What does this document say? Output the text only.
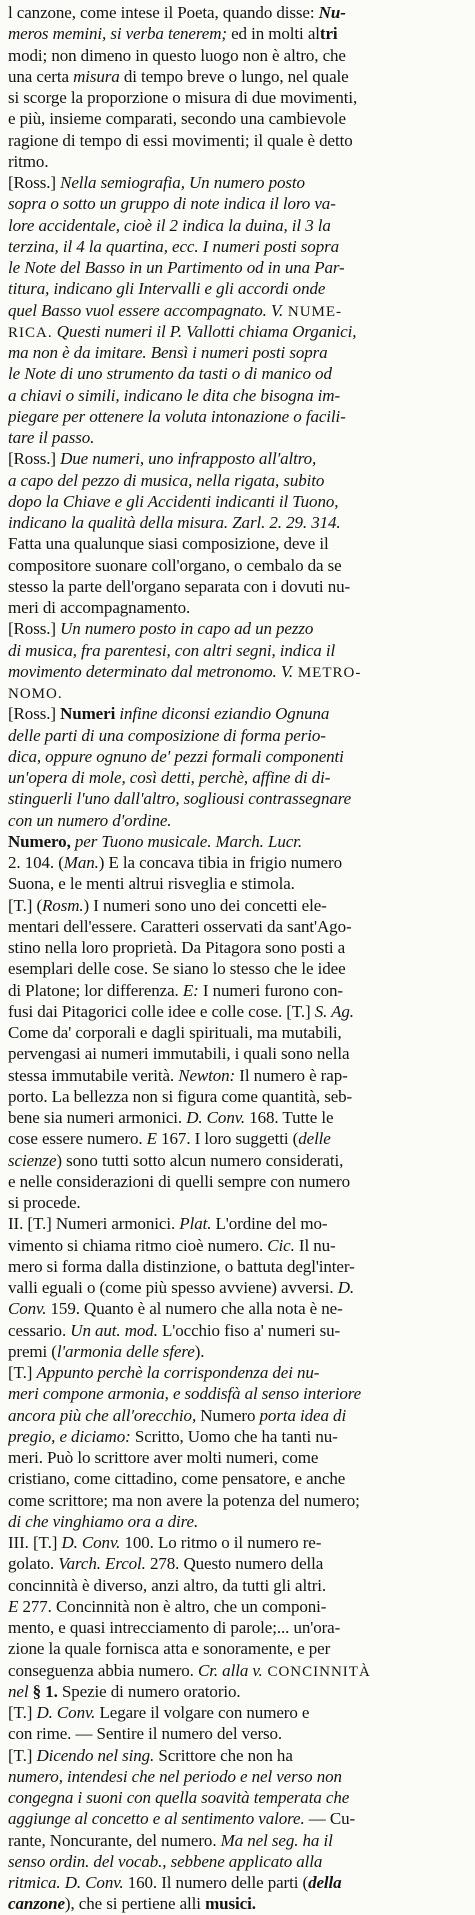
l canzone, come intese il Poeta, quando disse: Nu-
meros memini, si verba tenerem; ed in molti altri
modi; non dimeno in questo luogo non è altro, che
una certa misura di tempo breve o lungo, nel quale
si scorge la proporzione o misura di due movimenti,
e più, insieme comparati, secondo una cambievole
ragione di tempo di essi movimenti; il quale è detto
ritmo.
[Ross.] Nella semiografia, Un numero posto
sopra o sotto un gruppo di note indica il loro va-
lore accidentale, cioè il 2 indica la duina, il 3 la
terzina, il 4 la quartina, ecc. I numeri posti sopra
le Note del Basso in un Partimento od in una Par-
titura, indicano gli Intervalli e gli accordi onde
quel Basso vuol essere accompagnato. V. NUME-
RICA. Questi numeri il P. Vallotti chiama Organici,
ma non è da imitare. Bensì i numeri posti sopra
le Note di uno strumento da tasti o di manico od
a chiavi o simili, indicano le dita che bisogna im-
piegare per ottenere la voluta intonazione o facili-
tare il passo.
[Ross.] Due numeri, uno infrapposto all'altro,
a capo del pezzo di musica, nella rigata, subito
dopo la Chiave e gli Accidenti indicanti il Tuono,
indicano la qualità della misura. Zarl. 2. 29. 314.
Fatta una qualunque siasi composizione, deve il
compositore suonare coll'organo, o cembalo da se
stesso la parte dell'organo separata con i dovuti nu-
meri di accompagnamento.
[Ross.] Un numero posto in capo ad un pezzo
di musica, fra parentesi, con altri segni, indica il
movimento determinato dal metronomo. V. METRO-
NOMO.
[Ross.] Numeri infine diconsi eziandio Ognuna
delle parti di una composizione di forma perio-
dica, oppure ognuno de' pezzi formali componenti
un'opera di mole, così detti, perchè, affine di di-
stinguerli l'uno dall'altro, sogliousi contrassegnare
con un numero d'ordine.
Numero, per Tuono musicale. March. Lucr.
2. 104. (Man.) E la concava tibia in frigio numero
Suona, e le menti altrui risveglia e stimola.
[T.] (Rosm.) I numeri sono uno dei concetti ele-
mentari dell'essere. Caratteri osservati da sant'Ago-
stino nella loro proprietà. Da Pitagora sono posti a
esemplari delle cose. Se siano lo stesso che le idee
di Platone; lor differenza. E: I numeri furono con-
fusi dai Pitagorici colle idee e colle cose. [T.] S. Ag.
Come da' corporali e dagli spirituali, ma mutabili,
pervengasi ai numeri immutabili, i quali sono nella
stessa immutabile verità. Newton: Il numero è rap-
porto. La bellezza non si figura come quantità, seb-
bene sia numeri armonici. D. Conv. 168. Tutte le
cose essere numero. E 167. I loro suggetti (delle
scienze) sono tutti sotto alcun numero considerati,
e nelle considerazioni di quelli sempre con numero
si procede.
II. [T.] Numeri armonici. Plat. L'ordine del mo-
vimento si chiama ritmo cioè numero. Cic. Il nu-
mero si forma dalla distinzione, o battuta degl'inter-
valli eguali o (come più spesso avviene) avversi. D.
Conv. 159. Quanto è al numero che alla nota è ne-
cessario. Un aut. mod. L'occhio fiso a' numeri su-
premi (l'armonia delle sfere).
[T.] Appunto perchè la corrispondenza dei nu-
meri compone armonia, e soddisfà al senso interiore
ancora più che all'orecchio, Numero porta idea di
pregio, e diciamo: Scritto, Uomo che ha tanti nu-
meri. Può lo scrittore aver molti numeri, come
cristiano, come cittadino, come pensatore, e anche
come scrittore; ma non avere la potenza del numero;
di che vinghiamo ora a dire.
III. [T.] D. Conv. 100. Lo ritmo o il numero re-
golato. Varch. Ercol. 278. Questo numero della
concinnità è diverso, anzi altro, da tutti gli altri.
E 277. Concinnità non è altro, che un componi-
mento, e quasi intrecciamento di parole;... un'ora-
zione la quale fornisca atta e sonoramente, e per
conseguenza abbia numero. Cr. alla v. CONCINNITÀ
nel § 1. Spezie di numero oratorio.
[T.] D. Conv. Legare il volgare con numero e
con rime. — Sentire il numero del verso.
[T.] Dicendo nel sing. Scrittore che non ha
numero, intendesi che nel periodo e nel verso non
congegna i suoni con quella soavità temperata che
aggiunge al concetto e al sentimento valore. — Cu-
rante, Noncurante, del numero. Ma nel seg. ha il
senso ordin. del vocab., sebbene applicato alla
ritmica. D. Conv. 160. Il numero delle parti (della
canzone), che si pertiene alli musici.
